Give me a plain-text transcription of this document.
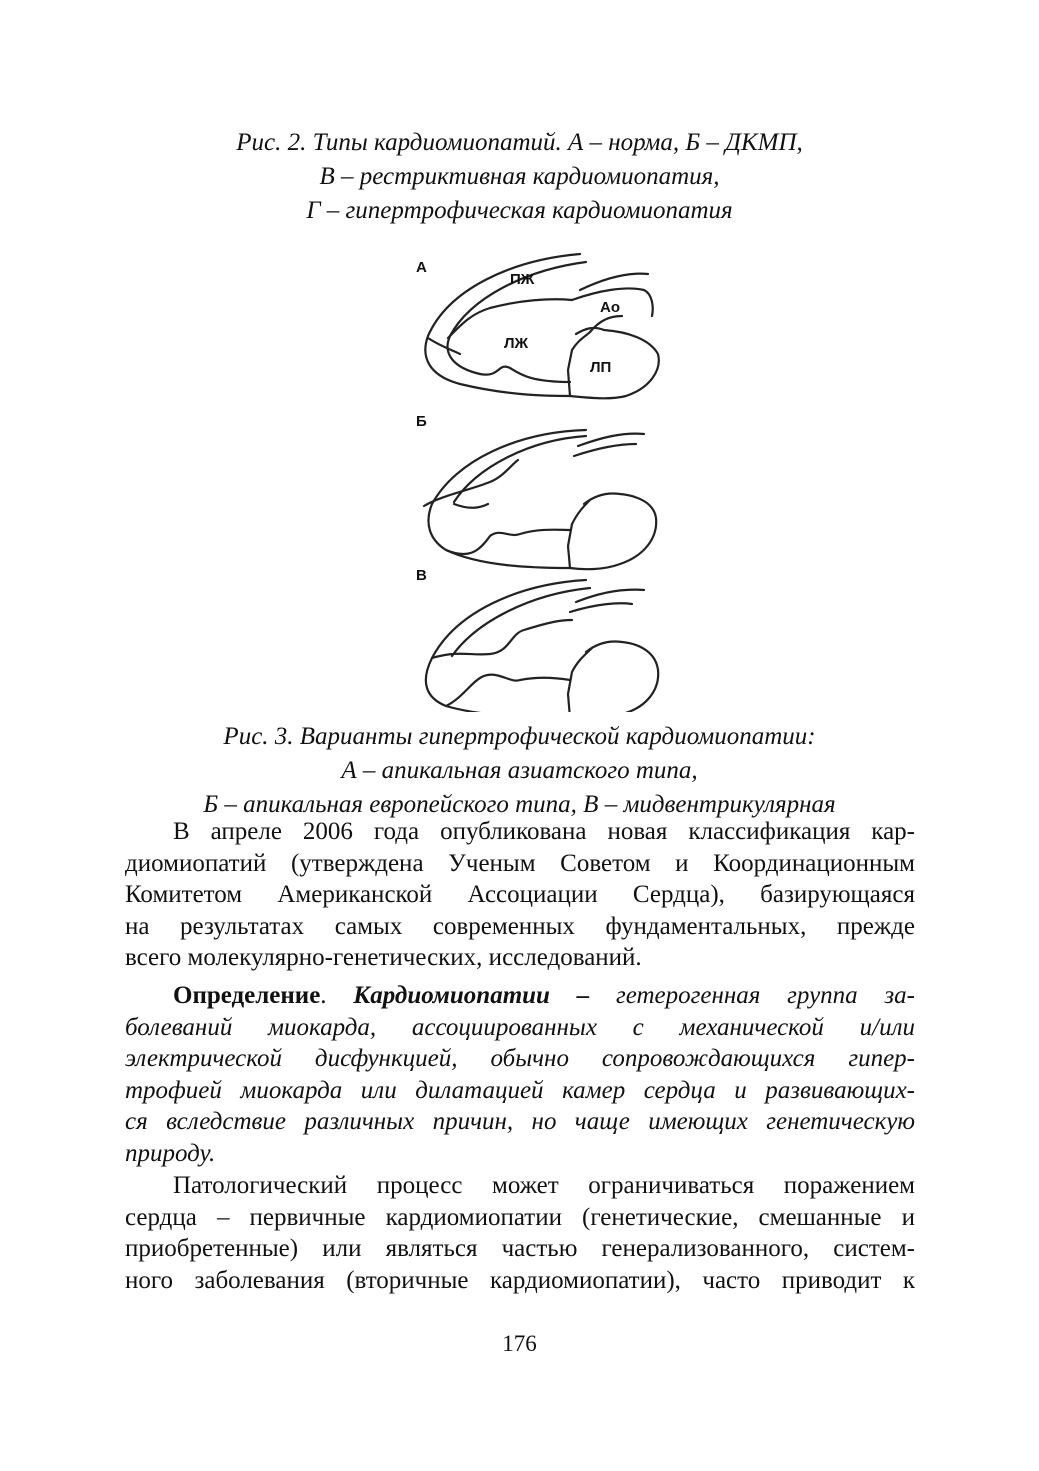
Рис. 2. Типы кардиомиопатий. А – норма, Б – ДКМП,
В – рестриктивная кардиомиопатия,
Г – гипертрофическая кардиомиопатия
А
ПЖ
Ао
ЛЖ
ЛП
Б
В
Рис. 3. Варианты гипертрофической кардиомиопатии:
А – апикальная азиатского типа,
Б – апикальная европейского типа, В – мидвентрикулярная
В апреле 2006 года опубликована новая классификация кар-
диомиопатий (утверждена Ученым Советом и Координационным
Комитетом Американской Ассоциации Сердца), базирующаяся
на результатах самых современных фундаментальных, прежде
всего молекулярно-генетических, исследований.
Определение. Кардиомиопатии – гетерогенная группа за-
болеваний миокарда, ассоциированных с механической и/или
электрической дисфункцией, обычно сопровождающихся гипер-
трофией миокарда или дилатацией камер сердца и развивающих-
ся вследствие различных причин, но чаще имеющих генетическую
природу.
Патологический процесс может ограничиваться поражением
сердца – первичные кардиомиопатии (генетические, смешанные и
приобретенные) или являться частью генерализованного, систем-
ного заболевания (вторичные кардиомиопатии), часто приводит к
176
